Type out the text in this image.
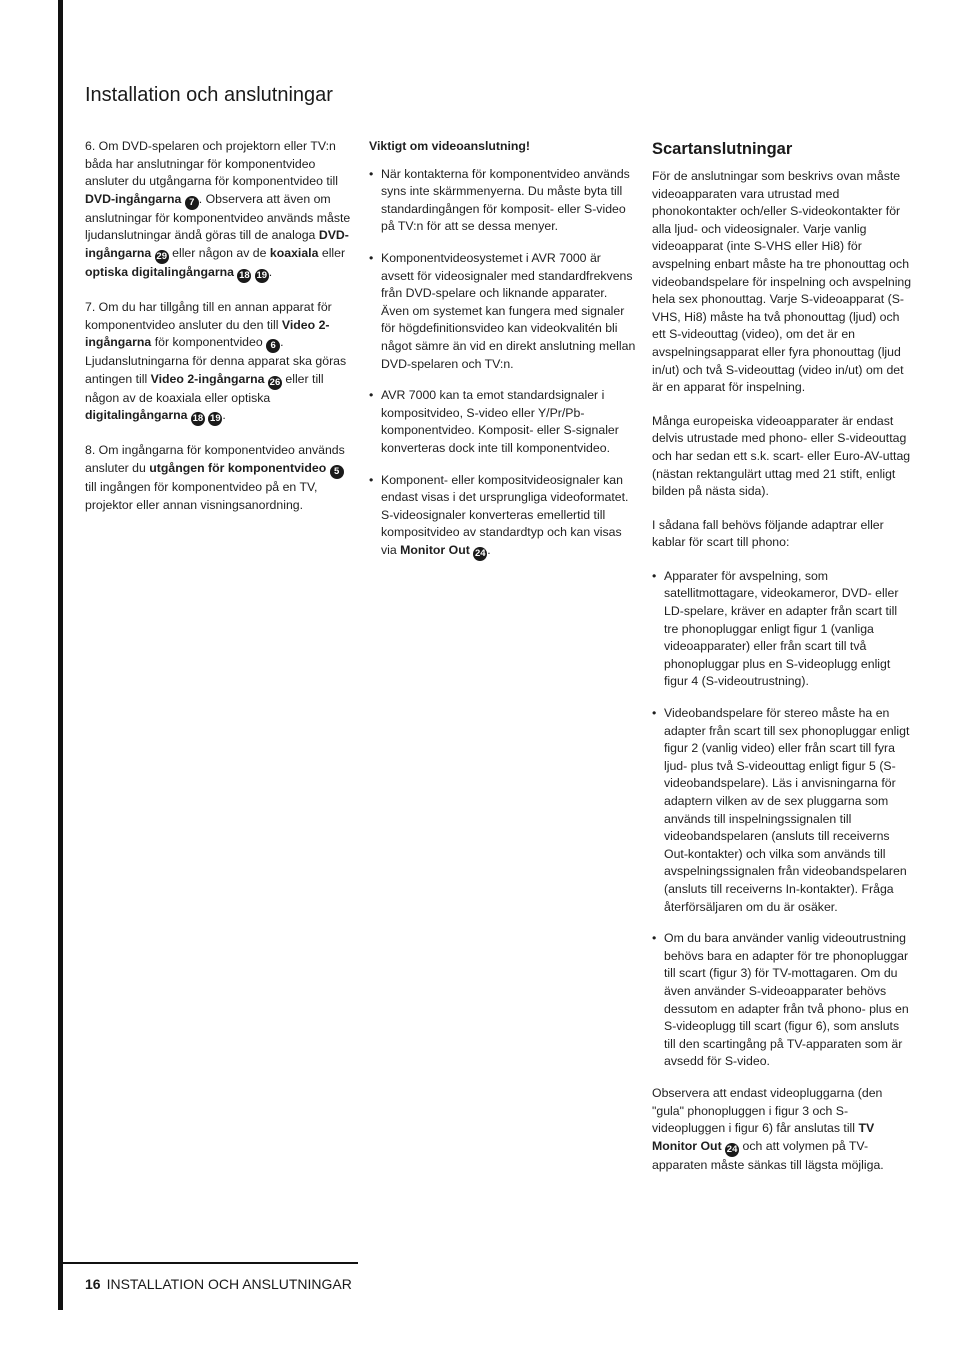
Installation och anslutningar

6. Om DVD-spelaren och projektorn eller TV:n båda har anslutningar för komponentvideo ansluter du utgångarna för komponentvideo till DVD-ingångarna 7 . Observera att även om anslutningar för komponentvideo används måste ljudanslutningar ändå göras till de analoga DVD-ingångarna 29 eller någon av de koaxiala eller optiska digitalingångarna 18 19 .

7. Om du har tillgång till en annan apparat för komponentvideo ansluter du den till Video 2-ingångarna för komponentvideo 6 . Ljudanslutningarna för denna apparat ska göras antingen till Video 2-ingångarna 26 eller till någon av de koaxiala eller optiska digitalingångarna 18 19 .

8. Om ingångarna för komponentvideo används ansluter du utgången för komponentvideo 5 till ingången för komponentvideo på en TV, projektor eller annan visningsanordning.

Viktigt om videoanslutning!

• När kontakterna för komponentvideo används syns inte skärmmenyerna. Du måste byta till standardingången för komposit- eller S-video på TV:n för att se dessa menyer.
• Komponentvideosystemet i AVR 7000 är avsett för videosignaler med standardfrekvens från DVD-spelare och liknande apparater. Även om systemet kan fungera med signaler för högdefinitionsvideo kan videokvalitén bli något sämre än vid en direkt anslutning mellan DVD-spelaren och TV:n.
• AVR 7000 kan ta emot standardsignaler i kompositvideo, S-video eller Y/Pr/Pb-komponentvideo. Komposit- eller S-signaler konverteras dock inte till komponentvideo.
• Komponent- eller kompositvideosignaler kan endast visas i det ursprungliga videoformatet. S-videosignaler konverteras emellertid till kompositvideo av standardtyp och kan visas via Monitor Out 24 .
Scartanslutningar

För de anslutningar som beskrivs ovan måste videoapparaten vara utrustad med phonokontakter och/eller S-videokontakter för alla ljud- och videosignaler. Varje vanlig videoapparat (inte S-VHS eller Hi8) för avspelning enbart måste ha tre phonouttag och videobandspelare för inspelning och avspelning hela sex phonouttag. Varje S-videoapparat (S-VHS, Hi8) måste ha två phonouttag (ljud) och ett S-videouttag (video), om det är en avspelningsapparat eller fyra phonouttag (ljud in/ut) och två S-videouttag (video in/ut) om det är en apparat för inspelning.

Många europeiska videoapparater är endast delvis utrustade med phono- eller S-videouttag och har sedan ett s.k. scart- eller Euro-AV-uttag (nästan rektangulärt uttag med 21 stift, enligt bilden på nästa sida).

I sådana fall behövs följande adaptrar eller kablar för scart till phono:

• Apparater för avspelning, som satellitmottagare, videokameror, DVD- eller LD-spelare, kräver en adapter från scart till tre phonopluggar enligt figur 1 (vanliga videoapparater) eller från scart till två phonopluggar plus en S-videoplugg enligt figur 4 (S-videoutrustning).
• Videobandspelare för stereo måste ha en adapter från scart till sex phonopluggar enligt figur 2 (vanlig video) eller från scart till fyra ljud- plus två S-videouttag enligt figur 5 (S-videobandspelare). Läs i anvisningarna för adaptern vilken av de sex pluggarna som används till inspelningssignalen till videobandspelaren (ansluts till receiverns Out-kontakter) och vilka som används till avspelningssignalen från videobandspelaren (ansluts till receiverns In-kontakter). Fråga återförsäljaren om du är osäker.
• Om du bara använder vanlig videoutrustning behövs bara en adapter för tre phonopluggar till scart (figur 3) för TV-mottagaren. Om du även använder S-videoapparater behövs dessutom en adapter från två phono- plus en S-videoplugg till scart (figur 6), som ansluts till den scartingång på TV-apparaten som är avsedd för S-video.

Observera att endast videopluggarna (den "gula" phonopluggen i figur 3 och S-videopluggen i figur 6) får anslutas till TV Monitor Out 24 och att volymen på TV-apparaten måste sänkas till lägsta möjliga.

16 INSTALLATION OCH ANSLUTNINGAR
